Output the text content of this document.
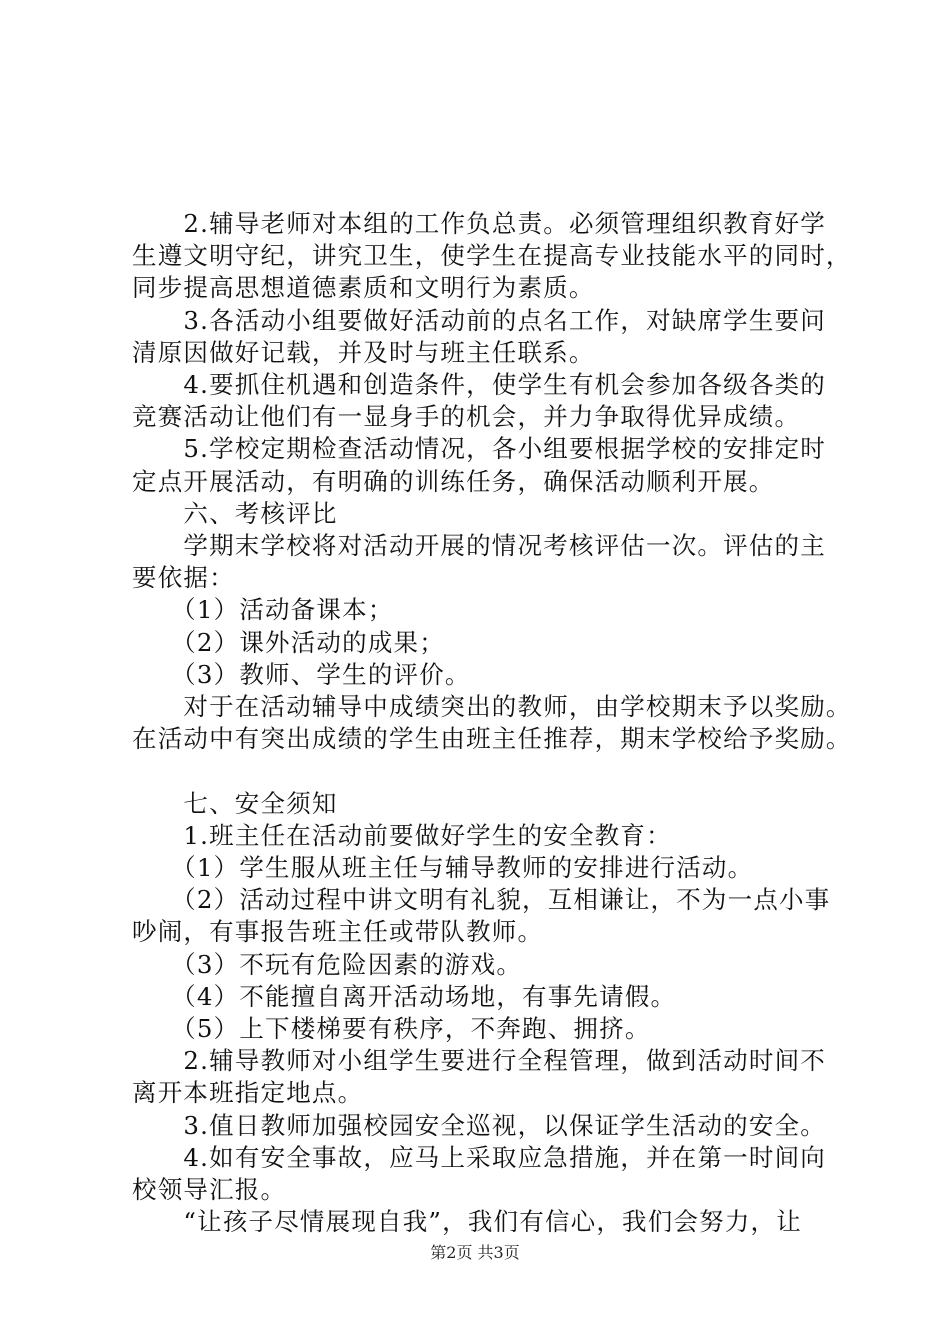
　　2.辅导老师对本组的工作负总责。必须管理组织教育好学
生遵文明守纪，讲究卫生，使学生在提高专业技能水平的同时，
同步提高思想道德素质和文明行为素质。
　　3.各活动小组要做好活动前的点名工作，对缺席学生要问
清原因做好记载，并及时与班主任联系。
　　4.要抓住机遇和创造条件，使学生有机会参加各级各类的
竞赛活动让他们有一显身手的机会，并力争取得优异成绩。
　　5.学校定期检查活动情况，各小组要根据学校的安排定时
定点开展活动，有明确的训练任务，确保活动顺利开展。
　　六、考核评比
　　学期末学校将对活动开展的情况考核评估一次。评估的主
要依据：
　　（1）活动备课本；
　　（2）课外活动的成果；
　　（3）教师、学生的评价。
　　对于在活动辅导中成绩突出的教师，由学校期末予以奖励。
在活动中有突出成绩的学生由班主任推荐，期末学校给予奖励。
　　七、安全须知
　　1.班主任在活动前要做好学生的安全教育：
　　（1）学生服从班主任与辅导教师的安排进行活动。
　　（2）活动过程中讲文明有礼貌，互相谦让，不为一点小事
吵闹，有事报告班主任或带队教师。
　　（3）不玩有危险因素的游戏。
　　（4）不能擅自离开活动场地，有事先请假。
　　（5）上下楼梯要有秩序，不奔跑、拥挤。
　　2.辅导教师对小组学生要进行全程管理，做到活动时间不
离开本班指定地点。
　　3.值日教师加强校园安全巡视，以保证学生活动的安全。
　　4.如有安全事故，应马上采取应急措施，并在第一时间向
校领导汇报。
　　“让孩子尽情展现自我”，我们有信心，我们会努力，让
第2页 共3页
